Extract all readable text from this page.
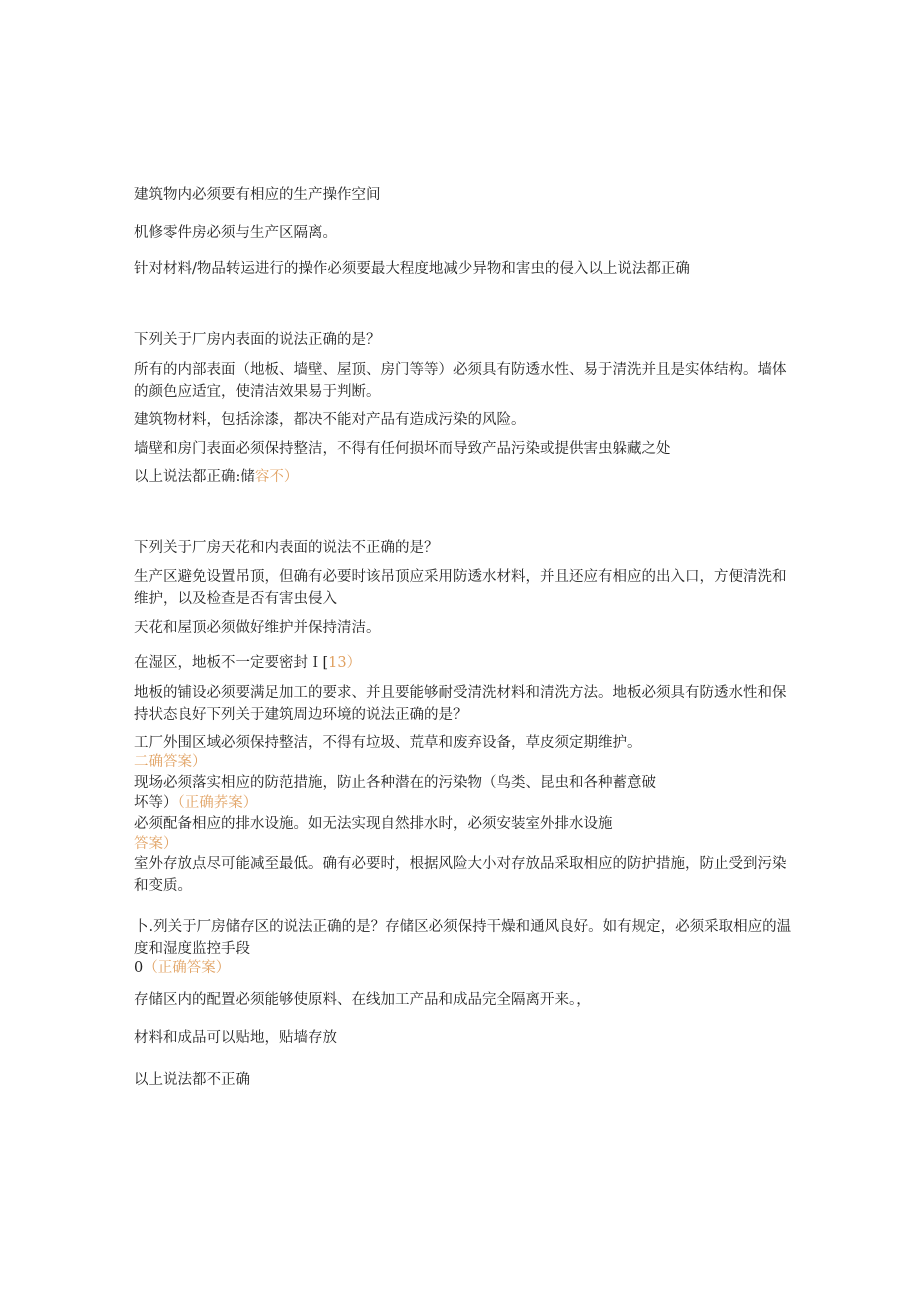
建筑物内必须要有相应的生产操作空间
机修零件房必须与生产区隔离。
针对材料/物品转运进行的操作必须要最大程度地减少异物和害虫的侵入以上说法都正确
下列关于厂房内表面的说法正确的是？
所有的内部表面（地板、墙壁、屋顶、房门等等）必须具有防透水性、易于清洗并且是实体结构。墙体的颜色应适宜，使清洁效果易于判断。
建筑物材料，包括涂漆，都决不能对产品有造成污染的风险。
墙壁和房门表面必须保持整洁，不得有任何损坏而导致产品污染或提供害虫躲藏之处
以上说法都正确:储容不）
下列关于厂房天花和内表面的说法不正确的是？
生产区避免设置吊顶，但确有必要时该吊顶应采用防透水材料，并且还应有相应的出入口，方便清洗和维护，以及检查是否有害虫侵入
天花和屋顶必须做好维护并保持清洁。
在湿区，地板不一定要密封Ｉ[13）
地板的铺设必须要满足加工的要求、并且要能够耐受清洗材料和清洗方法。地板必须具有防透水性和保持状态良好下列关于建筑周边环境的说法正确的是？
工厂外围区域必须保持整洁，不得有垃圾、荒草和废弃设备，草皮须定期维护。
二确答案）
现场必须落实相应的防范措施，防止各种潜在的污染物（鸟类、昆虫和各种蓄意破
坏等）（正确荞案）
必须配备相应的排水设施。如无法实现自然排水时，必须安装室外排水设施
答案）
室外存放点尽可能减至最低。确有必要时，根据风险大小对存放品采取相应的防护措施，防止受到污染和变质。
卜.列关于厂房储存区的说法正确的是？存储区必须保持干燥和通风良好。如有规定，必须采取相应的温度和湿度监控手段
0（正确答案）
存储区内的配置必须能够使原料、在线加工产品和成品完全隔离开来。，
材料和成品可以贴地，贴墙存放
以上说法都不正确
